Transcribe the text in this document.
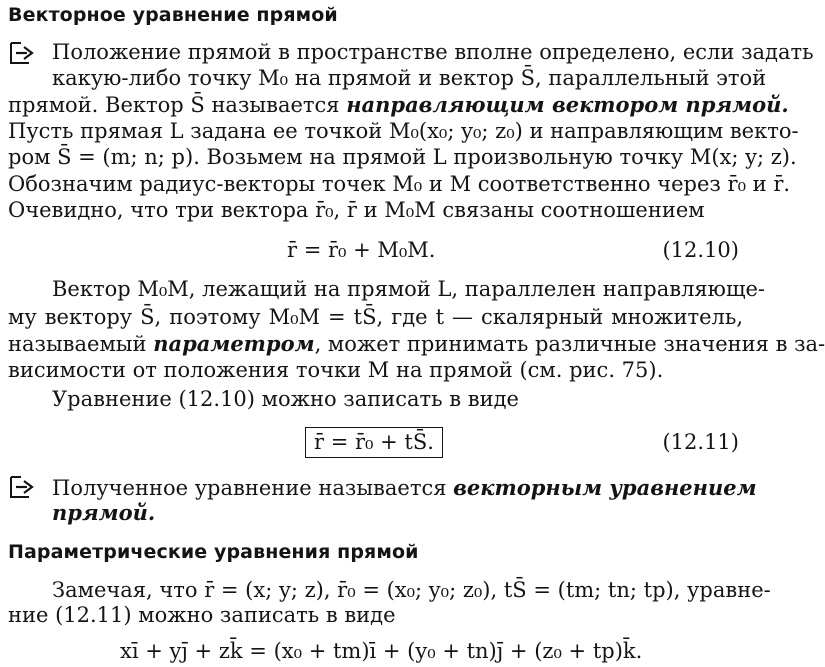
Векторное уравнение прямой
Положение прямой в пространстве вполне определено, если задать
какую-либо точку M₀ на прямой и вектор S̄, параллельный этой
прямой. Вектор S̄ называется направляющим вектором прямой.
Пусть прямая L задана ее точкой M₀(x₀; y₀; z₀) и направляющим векто-
ром S̄ = (m; n; p). Возьмем на прямой L произвольную точку M(x; y; z).
Обозначим радиус-векторы точек M₀ и M соответственно через r̄₀ и r̄.
Очевидно, что три вектора r̄₀, r̄ и M₀M связаны соотношением
r̄ = r̄₀ + M₀M.	(12.10)
Вектор M₀M, лежащий на прямой L, параллелен направляюще-
му вектору S̄, поэтому M₀M = tS̄, где t — скалярный множитель,
называемый параметром, может принимать различные значения в за-
висимости от положения точки M на прямой (см. рис. 75).
Уравнение (12.10) можно записать в виде
r̄ = r̄₀ + tS̄.	(12.11)
Полученное уравнение называется векторным уравнением
прямой.
Параметрические уравнения прямой
Замечая, что r̄ = (x; y; z), r̄₀ = (x₀; y₀; z₀), tS̄ = (tm; tn; tp), уравне-
ние (12.11) можно записать в виде
xī + yj̄ + zk̄ = (x₀ + tm)ī + (y₀ + tn)j̄ + (z₀ + tp)k̄.
